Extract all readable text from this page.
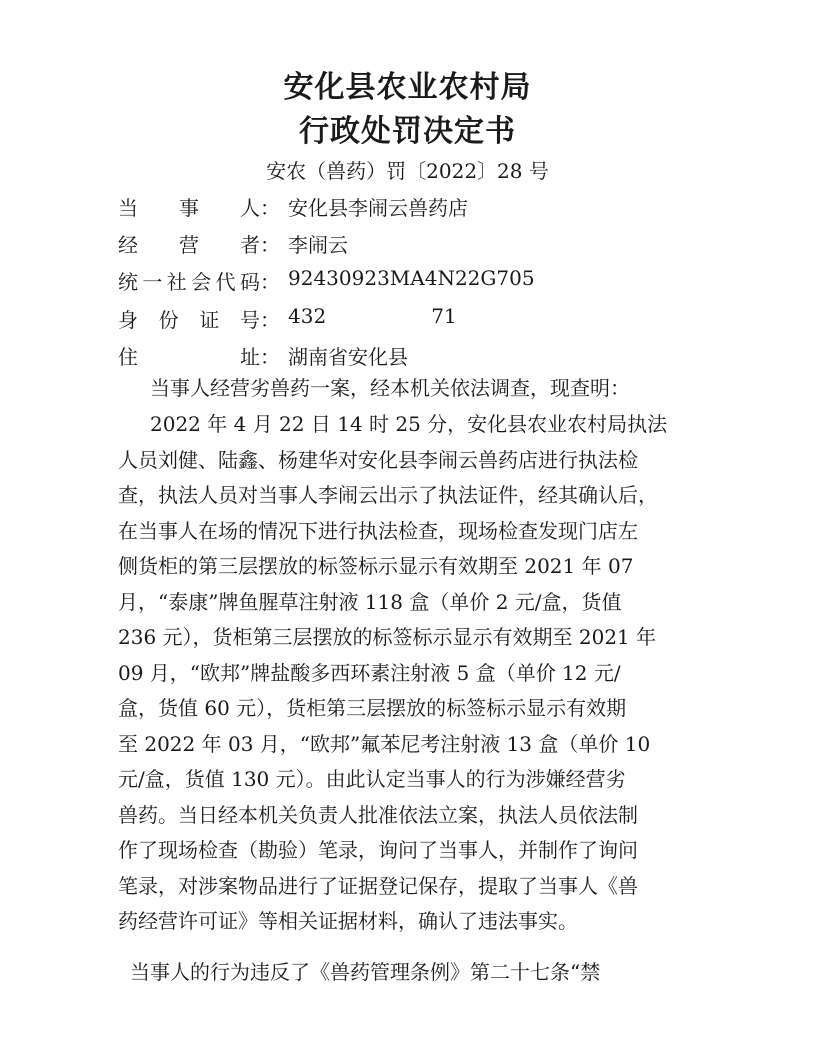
安化县农业农村局
行政处罚决定书
安农（兽药）罚〔2022〕28 号
当事人 ： 安化县李闹云兽药店
经营者 ： 李闹云
统一社会代码 ： 92430923MA4N22G705
身份证号 ： 432	71
住址 ： 湖南省安化县
当事人经营劣兽药一案，经本机关依法调查，现查明：
2022 年 4 月 22 日 14 时 25 分，安化县农业农村局执法
人员刘健、陆鑫、杨建华对安化县李闹云兽药店进行执法检
查，执法人员对当事人李闹云出示了执法证件，经其确认后，
在当事人在场的情况下进行执法检查，现场检查发现门店左
侧货柜的第三层摆放的标签标示显示有效期至 2021 年 07
月，“泰康”牌鱼腥草注射液 118 盒（单价 2 元/盒，货值
236 元），货柜第三层摆放的标签标示显示有效期至 2021 年
09 月，“欧邦”牌盐酸多西环素注射液 5 盒（单价 12 元/
盒，货值 60 元），货柜第三层摆放的标签标示显示有效期
至 2022 年 03 月，“欧邦”氟苯尼考注射液 13 盒（单价 10
元/盒，货值 130 元）。由此认定当事人的行为涉嫌经营劣
兽药。当日经本机关负责人批准依法立案，执法人员依法制
作了现场检查（勘验）笔录，询问了当事人，并制作了询问
笔录，对涉案物品进行了证据登记保存，提取了当事人《兽
药经营许可证》等相关证据材料，确认了违法事实。
当事人的行为违反了《兽药管理条例》第二十七条“禁
